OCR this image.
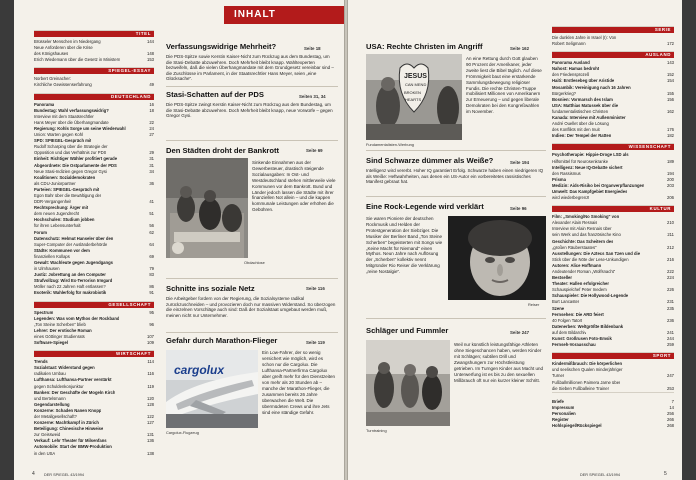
TITEL
Brüsseler Menschen im Niedergang	144
Neue Anforderen über die Krise
des Königshauses	148
Erich Wiedemann über die Gesetz in Ministern	153
SPIEGEL-ESSAY
Norbert Greinacher:
Kirchliche Gewissenserfahrung	49
DEUTSCHLAND
Panorama	16
Bundestag: Wahl verfassungswidrig?	18
Interview mit dem Staatsrechtler
Hans Meyer über die Überhangmandate	22
Regierung: Kohls Sorge um seine Wiederwahl	24
Union: Warten gegen Kohl	27
SPD: SPIEGEL-Gespräch mit
Rudolf Scharping über die Strategie der
Opposition und das Verhältnis zur PDS	29
Einheit: Richtiger Wähler profitiert gerade	31
Abgeordnete: Die Ostparlamente der PDS	31
Neue Stasi-Indizien gegen Gregor Gysi	34
Koalitionen: Sozialdemokraten
als CDU-Juniorpartner	36
Parteien: SPIEGEL-Gespräch mit
Egon Bahr über die Bewältigung der
DDR-Vergangenheit	41
Rechtsprechung: Ärger mit
dem neuen Jugendrecht	51
Hochschulen: Studium jobben
für ihren Lebensunterhalt	56
Forum	62
Datenschutz: Helmut Hanseler über den
Super-Computer der Ausländerbehörde	64
Städte: Kommunen vor dem
finanziellen Kollaps	69
Gewalt: Wachleute gegen Jugendgangs
in Ulmhausen	79
Justiz: Jobrettung an den Computer	83
Strafvollzug: Wird Ex-Terrorisn Irmgard
Möller nach 22 Jahren Haft entlassen?	86
Esoterik: Wahlerfolg für makrobiotik	91
GESELLSCHAFT
Spectrum	95
Legenden: Was vom Mythos der Rockband
„Ton Steine Scherben" blieb	96
Lehrer: Der erotische Roman
eines Göttinger Studienrats	107
Software-Spiegel	109
WIRTSCHAFT
Trends	114
Sozialstaat: Widerstand gegen
radikalen Umbau	116
Lufthansa: Lufthansa-Partner verstärkt
gegen Schuldenkonjunktur	119
Banken: Der Geschäfte der Mogeln Kirch
und Bertelsmann	120
Gegendarstellung	128
Konzerne: Schaden Nanen Knopp
der Metallgesellschaft?	122
Konzerne: Machtkampf in Zürich	127
Beteiligung: Chinesische Hinweise
zur Geissweid	131
Verkauf: Lehr Theater für Milsenfans	136
Automobile: Start der BMW-Produktion
in den USA	138
INHALT
Verfassungswidrige Mehrheit?
Die PDS-Spitze sowie Kerstin Kaiser-Nicht zum Rückzug aus dem Bundestag, um die Stasi-Debatte abzuwehren. Doch Mehrheit bleibt knapp. Wahltexperten bezweifeln, daß die vielen Überhangmandate mit dem Grundgesetz vereinbar sind – die Zuschlüsse im Parlament, in der Staatsrechtler Hans Meyer, seien „eine Glücksache".
Seite 18
Stasi-Schatten auf der PDS
Die PDS-Spitze zwingt Kerstin Kaiser-Nicht zum Rückzug aus dem Bundestag, um die Stasi-Debatte abzuwehren. Doch Mehrheit bleibt knapp, neue Vorwürfe – gegen Gregor Gysi.
Seiten 31, 34
Den Städten droht der Bankrott	Seite 69
Obdachlose
Sinkende Einnahmen aus der Gewerbesteuer, drastisch steigende Sozialausgaben: In Ost- und Westdeutschland stehen mittlerweile viele Kommunen vor dem Bankrott. Bund und Länder jedoch lassen die Städte mit ihrer finanziellen Not allein – und die kappen kommunale Leistungen oder erhöhen die Gebühren.
Schnitte ins soziale Netz
Die Arbeitgeber fordern von der Regierung, die Sozialsysteme radikal zurückzuschneiden – und provozieren doch nur massiven Widerstand. So überzogen die einzelnen Vorschläge auch sind: Daß der Sozialstaat umgebaut werden muß, meinen nicht nur Unternehmer.
Seite 116
Gefahr durch Marathon-Flieger	Seite 119
cargolux
Cargolux-Flugzeug
Ein Low-Fahrer, der so wenig versichert wie möglich, wird es schon nur die Cargolux. Die Lufthansa-Partnerfirma Cargolux aber greift mehr für den Dienstzeiten von mehr als 20 Stunden ab – manche der Marathon-Flieger, die zusammen bereits 26 Jahre überwachen die Welt. Die übermüdeten Crews und ihre Jets sind eine ständige Gefahr.
4 DER SPIEGEL 43/1994
USA: Rechte Christen im Angriff	Seite 162
JESUS
CAN MEND
BROKEN
HEARTS
Fundamentalisten-Werbung
An eine Rettung durch Gott glauben 90 Prozent der Amerikaner, jeder zweite liest die Bibel täglich. Auf diese Frömmigkeit baut eine erstarkende Sammlungsbewegung religiöser Fundis. Die rechte Christen-Truppe mobilisiert Millionen von Amerikanern zur Erneuerung – und gegen liberale Demokraten bei den Kongreßwahlen im November.
Sind Schwarze dümmer als Weiße?
Intelligenz wird vererbt. Hoher IQ garantiert Erfolg. Schwarze haben einen niedrigeren IQ als Weiße: Heftwahrheiten, aus denen ein US-Autor ein vorbereitetes rassistisches Manifest gebraut hat.
Seite 194
Eine Rock-Legende wird verklärt	Seite 96
Sie waren Pioniere der deutschen Rockmusik und Helden der Protestgeneration der Siebziger. Die Musiker der Berliner Band „Ton Steine Scherben" begeisterten mit Songs wie „Keine Macht für Niemand" einen Mythos. Neun Jahre nach Auflösung der „Scherben" kollektiv nennt Mitgründer Rio Reiser die Verklärung „reine Nostalgie".
Reiser
Schläger und Fummler	Seite 247
Turntraining
Weil nur künstlich leistungsfähige Athleten ohne Siegeschancen haben, werden Kinder mit Schlägen; subtilen Drill und Zwangshungern zur Höchstleistung getrieben. Im Turngen Kinder aus Macht und Unterwerfung ist es bis zu den sexuellen Mißbrauch oft nur ein kurzer kleiner Schritt.
SERIE
Die dunklen Jahre in Israel (I): Von
Robert Seligmann	172
AUSLAND
Panorama Ausland	143
Nahost: Hamas bedroht
den Friedensprozeß	152
Haiti: Erstlesebeg über Aristide	154
Mosambik: Vereinigung nach 16 Jahren
Bürgerkrieg?	155
Bosnien: Vormarsch des Islam	156
USA: Matthias Matussek über die
fundamentalistischen Christen	162
Kanada: Interview mit Außenminister
André Ouellet über die Lösung
des Konflikts mit den Inuit	176
Indien: Der Tempel der Ratten	182
WISSENSCHAFT
Psychotherapie: Hippie-Droge LSD als
Hilfsmittel für Neurosenkranke	189
Intelligenz: Neue IQ-Debatte sichert
den Rassismus	194
Prisma	200
Medizin: Aids-Risiko bei Organverpflanzungen	203
Umwelt: Das Kampfgebiet Energiedes
wird wiederbegrenzt	206
KULTUR
Film: „Smoking/No Smoking" von
Alexander Alain Resnais	210
Interview mit Alain Resnais über
sein Werk und das französische Kino	211
Geschichte: Das Scheitern des
„großen Räuberstaates"	212
Ausstellungen: Die Aztecs San Tzen und die
Stick über die Nöte der Lese-Unkundigen	216
Autoren: Alice Hoffmann
Andeutender Roman „Wolfsnacht"	222
Bestseller	224
Theater: Hallen erfolgreicher
Schauspielchef Peter Inedem	226
Schauspieler: Die Hollywood-Legende
Burt Lancaster	231
Szene	235
Fernsehen: Die ARD feiert
40 Folgen Tatort	236
Datenerben: Weltgrößte Bildenbank
auf dem Bildarchiv	241
Kunst: Großrusen Foto-Emsik	244
Fernseh-Vorausschau	259
SPORT
Kindermißbrauch: Die körperlichen
und seelischen Qualen minderjähriger
Turner	247
Fußballmillionen Paimera Jarne über
die Sieben Fußballeine Trainer	253
Briefe	7
Impressum	14
Personalien	256
Register	266
Hohlspiegel/Rückspiegel	268
DER SPIEGEL 43/1994	5
